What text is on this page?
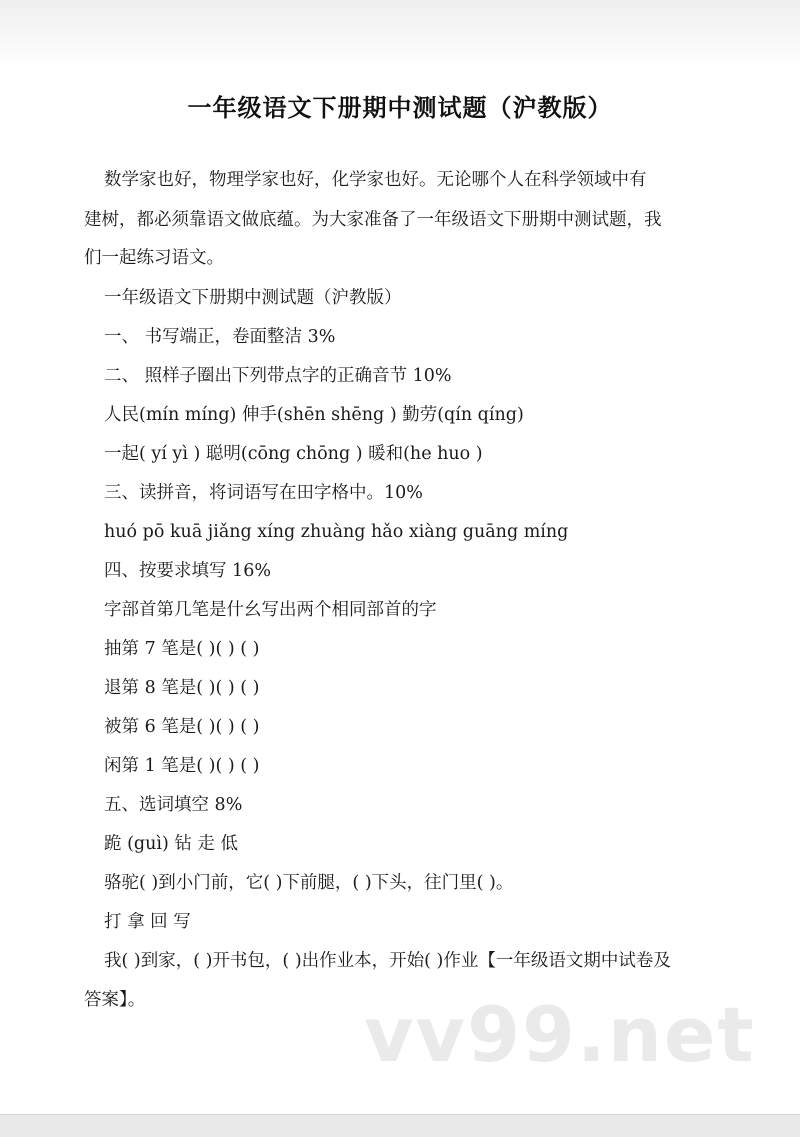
一年级语文下册期中测试题（沪教版）
数学家也好，物理学家也好，化学家也好。无论哪个人在科学领域中有
建树，都必须靠语文做底蕴。为大家准备了一年级语文下册期中测试题，我
们一起练习语文。
一年级语文下册期中测试题（沪教版）
一、 书写端正，卷面整洁 3%
二、 照样子圈出下列带点字的正确音节 10%
人民(mín míng) 伸手(shēn shēng ) 勤劳(qín qíng)
一起( yí yì ) 聪明(cōng chōng ) 暖和(he huo )
三、读拼音，将词语写在田字格中。10%
huó pō kuā jiǎng xíng zhuàng hǎo xiàng guāng míng
四、按要求填写 16%
字部首第几笔是什幺写出两个相同部首的字
抽第 7 笔是( )( ) ( )
退第 8 笔是( )( ) ( )
被第 6 笔是( )( ) ( )
闲第 1 笔是( )( ) ( )
五、选词填空 8%
跪 (guì) 钻 走 低
骆驼( )到小门前，它( )下前腿，( )下头，往门里( )。
打 拿 回 写
我( )到家，( )开书包，( )出作业本，开始( )作业【一年级语文期中试卷及
答案】。	vv99.net
